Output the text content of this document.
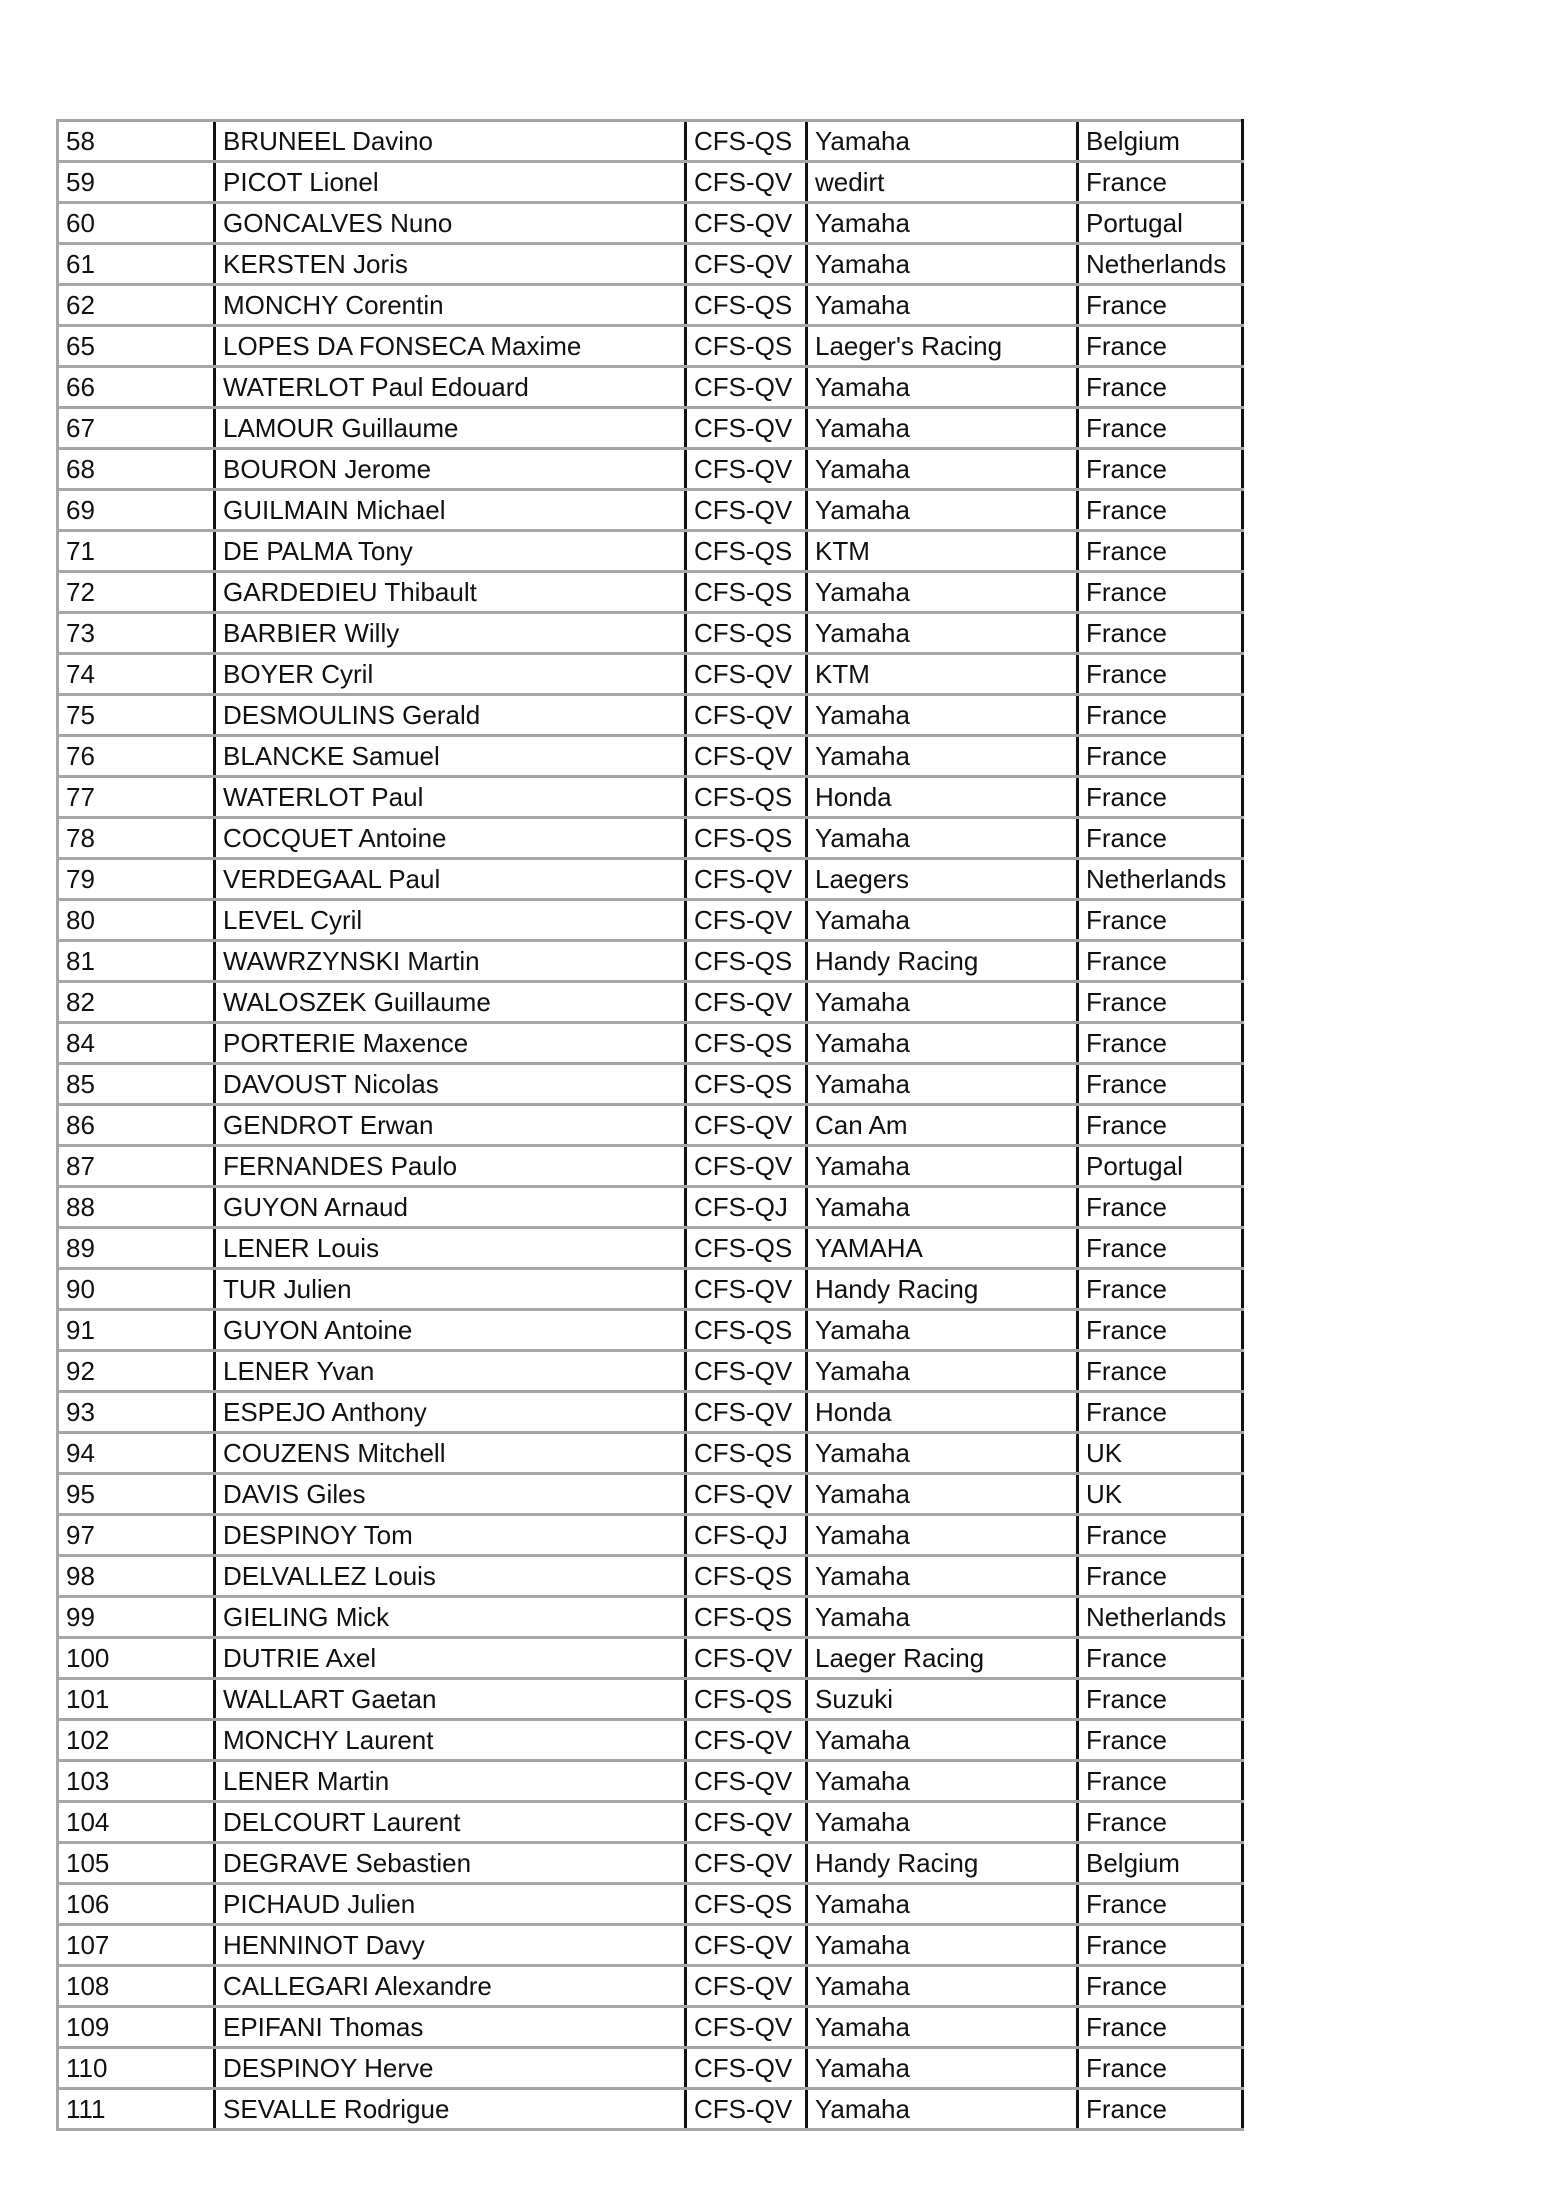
58	BRUNEEL Davino	CFS-QS	Yamaha	Belgium
59	PICOT Lionel	CFS-QV	wedirt	France
60	GONCALVES Nuno	CFS-QV	Yamaha	Portugal
61	KERSTEN Joris	CFS-QV	Yamaha	Netherlands
62	MONCHY Corentin	CFS-QS	Yamaha	France
65	LOPES DA FONSECA Maxime	CFS-QS	Laeger's Racing	France
66	WATERLOT Paul Edouard	CFS-QV	Yamaha	France
67	LAMOUR Guillaume	CFS-QV	Yamaha	France
68	BOURON Jerome	CFS-QV	Yamaha	France
69	GUILMAIN Michael	CFS-QV	Yamaha	France
71	DE PALMA Tony	CFS-QS	KTM	France
72	GARDEDIEU Thibault	CFS-QS	Yamaha	France
73	BARBIER Willy	CFS-QS	Yamaha	France
74	BOYER Cyril	CFS-QV	KTM	France
75	DESMOULINS Gerald	CFS-QV	Yamaha	France
76	BLANCKE Samuel	CFS-QV	Yamaha	France
77	WATERLOT Paul	CFS-QS	Honda	France
78	COCQUET Antoine	CFS-QS	Yamaha	France
79	VERDEGAAL Paul	CFS-QV	Laegers	Netherlands
80	LEVEL Cyril	CFS-QV	Yamaha	France
81	WAWRZYNSKI Martin	CFS-QS	Handy Racing	France
82	WALOSZEK Guillaume	CFS-QV	Yamaha	France
84	PORTERIE Maxence	CFS-QS	Yamaha	France
85	DAVOUST Nicolas	CFS-QS	Yamaha	France
86	GENDROT Erwan	CFS-QV	Can Am	France
87	FERNANDES Paulo	CFS-QV	Yamaha	Portugal
88	GUYON Arnaud	CFS-QJ	Yamaha	France
89	LENER Louis	CFS-QS	YAMAHA	France
90	TUR Julien	CFS-QV	Handy Racing	France
91	GUYON Antoine	CFS-QS	Yamaha	France
92	LENER Yvan	CFS-QV	Yamaha	France
93	ESPEJO Anthony	CFS-QV	Honda	France
94	COUZENS Mitchell	CFS-QS	Yamaha	UK
95	DAVIS Giles	CFS-QV	Yamaha	UK
97	DESPINOY Tom	CFS-QJ	Yamaha	France
98	DELVALLEZ Louis	CFS-QS	Yamaha	France
99	GIELING Mick	CFS-QS	Yamaha	Netherlands
100	DUTRIE Axel	CFS-QV	Laeger Racing	France
101	WALLART Gaetan	CFS-QS	Suzuki	France
102	MONCHY Laurent	CFS-QV	Yamaha	France
103	LENER Martin	CFS-QV	Yamaha	France
104	DELCOURT Laurent	CFS-QV	Yamaha	France
105	DEGRAVE Sebastien	CFS-QV	Handy Racing	Belgium
106	PICHAUD Julien	CFS-QS	Yamaha	France
107	HENNINOT Davy	CFS-QV	Yamaha	France
108	CALLEGARI Alexandre	CFS-QV	Yamaha	France
109	EPIFANI Thomas	CFS-QV	Yamaha	France
110	DESPINOY Herve	CFS-QV	Yamaha	France
111	SEVALLE Rodrigue	CFS-QV	Yamaha	France
